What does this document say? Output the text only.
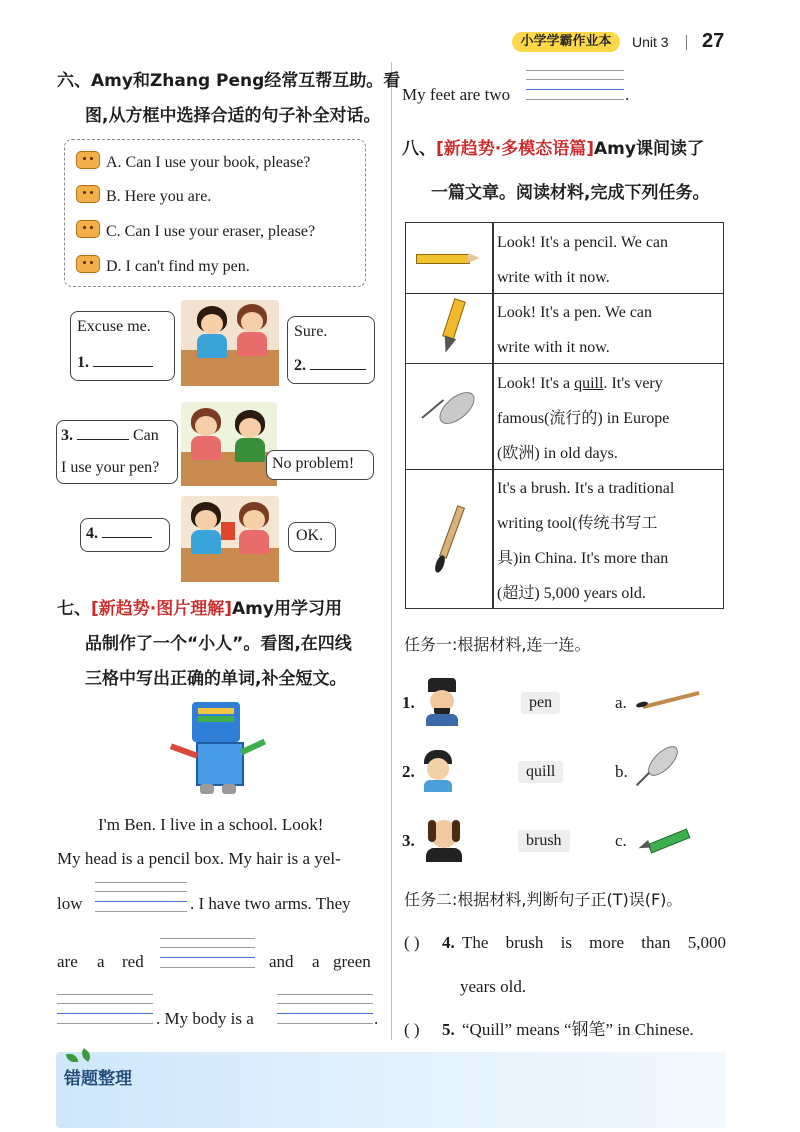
小学学霸作业本	Unit 3 27
六、Amy和Zhang Peng经常互帮互助。看
图,从方框中选择合适的句子补全对话。
A. Can I use your book, please?
B. Here you are.
C. Can I use your eraser, please?
D. I can't find my pen.
Excuse me.
1.
Sure.
2.
3.	Can
I use your pen?	No problem!
4.	OK.
七、[新趋势·图片理解]Amy用学习用
品制作了一个“小人”。看图,在四线
三格中写出正确的单词,补全短文。
I'm Ben. I live in a school. Look!
My head is a pencil box. My hair is a yel-
low	. I have two arms. They
are a red	and a green
. My body is a	.
My feet are two	.
八、[新趋势·多模态语篇]Amy课间读了
一篇文章。阅读材料,完成下列任务。
Look! It's a pencil. We can
write with it now.
Look! It's a pen. We can
write with it now.
Look! It's a quill. It's very
famous(流行的) in Europe
(欧洲) in old days.
It's a brush. It's a traditional
writing tool(传统书写工
具)in China. It's more than
(超过) 5,000 years old.
任务一:根据材料,连一连。
1.	pen	a.
2.	quill	b.
3.	brush	c.
任务二:根据材料,判断句子正(T)误(F)。
( ) 4. The brush is more than 5,000
years old.
( ) 5. “Quill” means “钢笔” in Chinese.
错题整理
